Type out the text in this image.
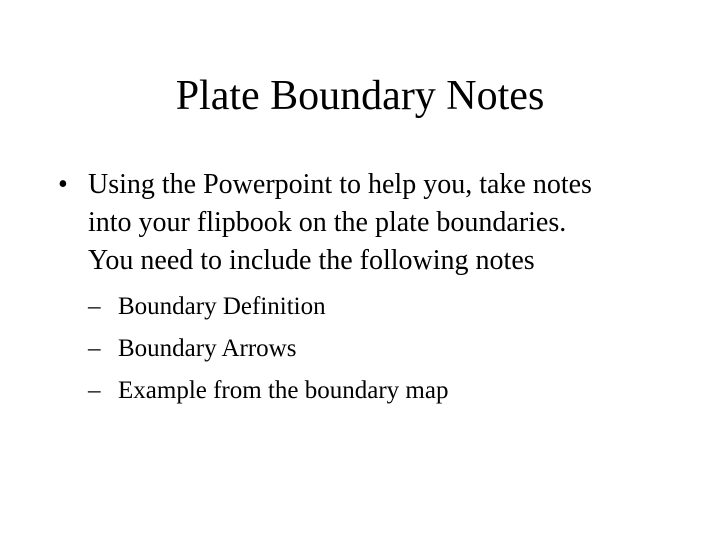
Plate Boundary Notes
• Using the Powerpoint to help you, take notes into your flipbook on the plate boundaries. You need to include the following notes
– Boundary Definition
– Boundary Arrows
– Example from the boundary map
